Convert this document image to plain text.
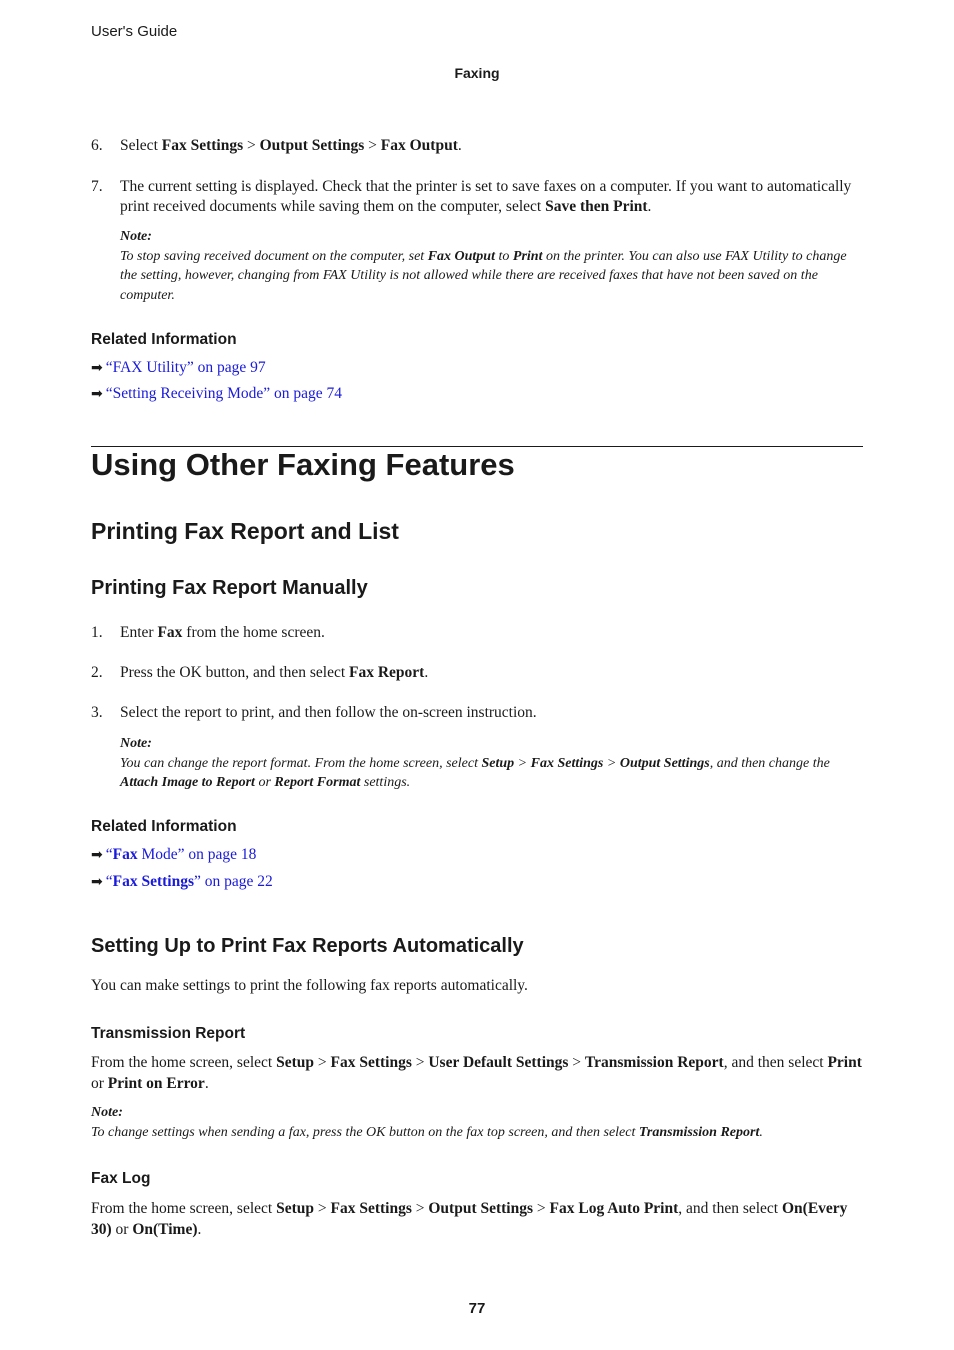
User's Guide
Faxing
6. Select Fax Settings > Output Settings > Fax Output.
7. The current setting is displayed. Check that the printer is set to save faxes on a computer. If you want to automatically print received documents while saving them on the computer, select Save then Print.
Note:
To stop saving received document on the computer, set Fax Output to Print on the printer. You can also use FAX Utility to change the setting, however, changing from FAX Utility is not allowed while there are received faxes that have not been saved on the computer.
Related Information
➡ “FAX Utility” on page 97
➡ “Setting Receiving Mode” on page 74
Using Other Faxing Features
Printing Fax Report and List
Printing Fax Report Manually
1. Enter Fax from the home screen.
2. Press the OK button, and then select Fax Report.
3. Select the report to print, and then follow the on-screen instruction.
Note:
You can change the report format. From the home screen, select Setup > Fax Settings > Output Settings, and then change the Attach Image to Report or Report Format settings.
Related Information
➡ “Fax Mode” on page 18
➡ “Fax Settings” on page 22
Setting Up to Print Fax Reports Automatically
You can make settings to print the following fax reports automatically.
Transmission Report
From the home screen, select Setup > Fax Settings > User Default Settings > Transmission Report, and then select Print or Print on Error.
Note:
To change settings when sending a fax, press the OK button on the fax top screen, and then select Transmission Report.
Fax Log
From the home screen, select Setup > Fax Settings > Output Settings > Fax Log Auto Print, and then select On(Every 30) or On(Time).
77
